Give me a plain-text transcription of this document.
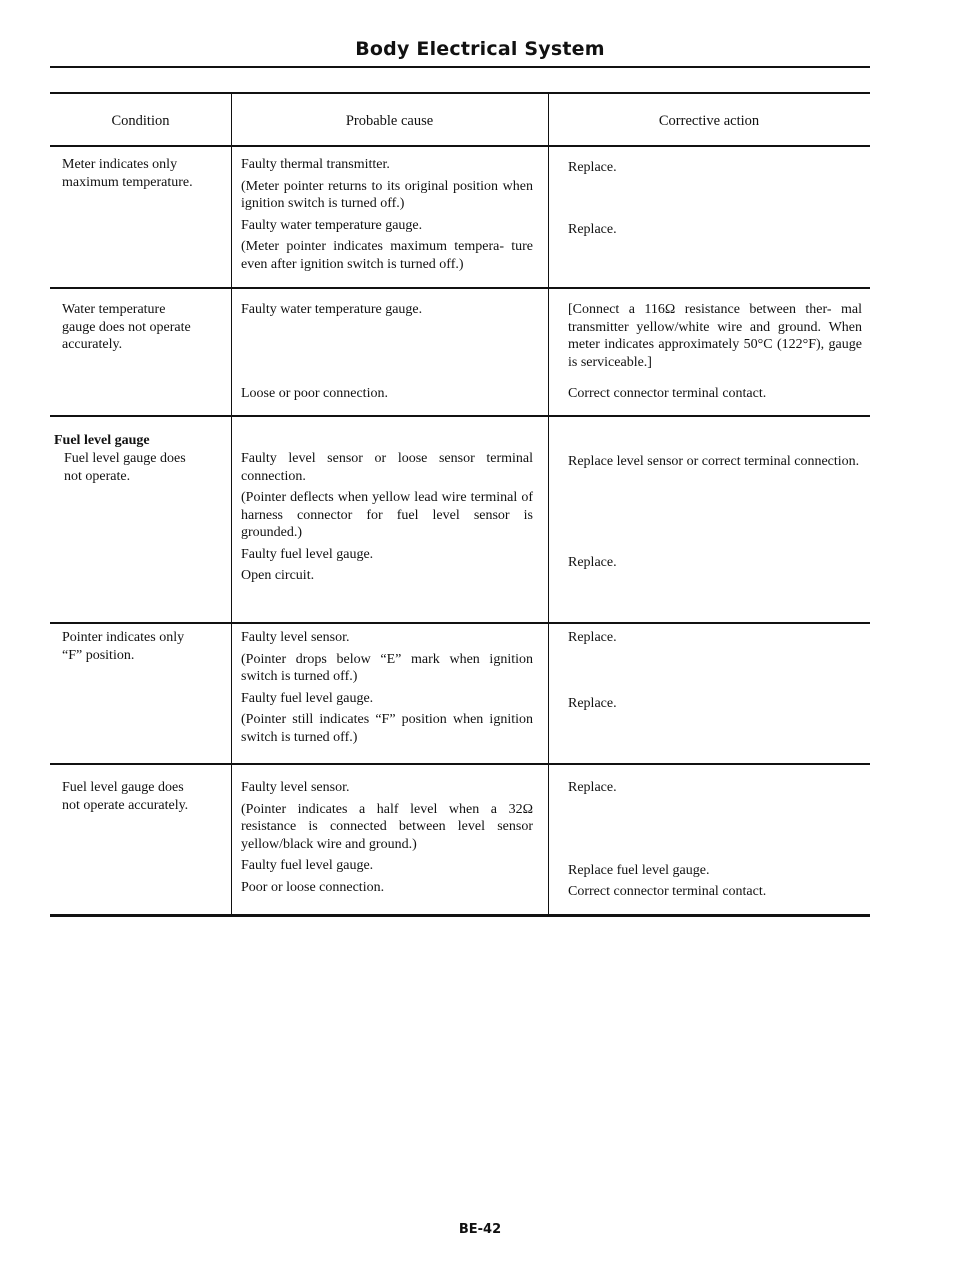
Body Electrical System
Condition	Probable cause	Corrective action
Meter indicates only
maximum temperature.

Faulty thermal transmitter.

(Meter pointer returns to its original position when ignition switch is turned off.)

Faulty water temperature gauge.

(Meter pointer indicates maximum tempera- ture even after ignition switch is turned off.)

Replace.
Replace.
Water temperature
gauge does not operate
accurately.
Faulty water temperature gauge.
Loose or poor connection.
[Connect a 116Ω resistance between ther- mal transmitter yellow/white wire and ground. When meter indicates approximately 50°C (122°F), gauge is serviceable.]
Correct connector terminal contact.
Fuel level gauge
Fuel level gauge does
not operate.

Faulty level sensor or loose sensor terminal connection.

(Pointer deflects when yellow lead wire terminal of harness connector for fuel level sensor is grounded.)

Faulty fuel level gauge.

Open circuit.

Replace level sensor or correct terminal connection.
Replace.
Pointer indicates only
“F” position.

Faulty level sensor.

(Pointer drops below “E” mark when ignition switch is turned off.)

Faulty fuel level gauge.

(Pointer still indicates “F” position when ignition switch is turned off.)

Replace.
Replace.
Fuel level gauge does
not operate accurately.

Faulty level sensor.

(Pointer indicates a half level when a 32Ω resistance is connected between level sensor yellow/black wire and ground.)

Faulty fuel level gauge.

Poor or loose connection.

Replace.
Replace fuel level gauge.
Correct connector terminal contact.
BE-42
